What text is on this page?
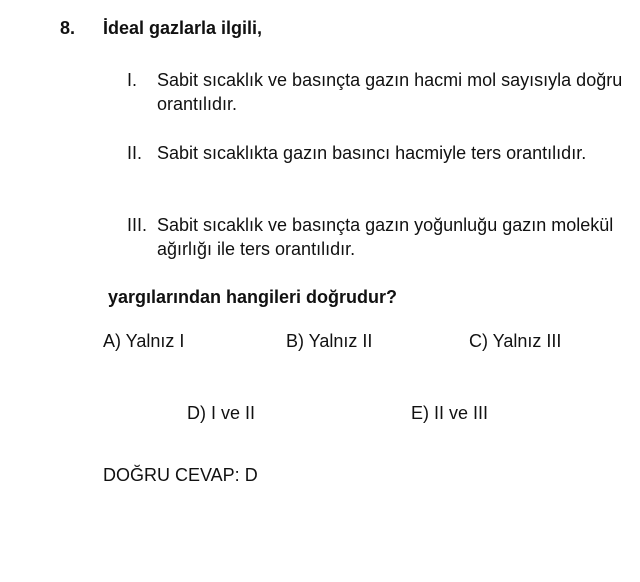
8. İdeal gazlarla ilgili,
I. Sabit sıcaklık ve basınçta gazın hacmi mol sayısıyla doğru orantılıdır.
II. Sabit sıcaklıkta gazın basıncı hacmiyle ters orantılıdır.
III. Sabit sıcaklık ve basınçta gazın yoğunluğu gazın molekül ağırlığı ile ters orantılıdır.
yargılarından hangileri doğrudur?
A) Yalnız I	B) Yalnız II	C) Yalnız III
D) I ve II	E) II ve III
DOĞRU CEVAP: D
